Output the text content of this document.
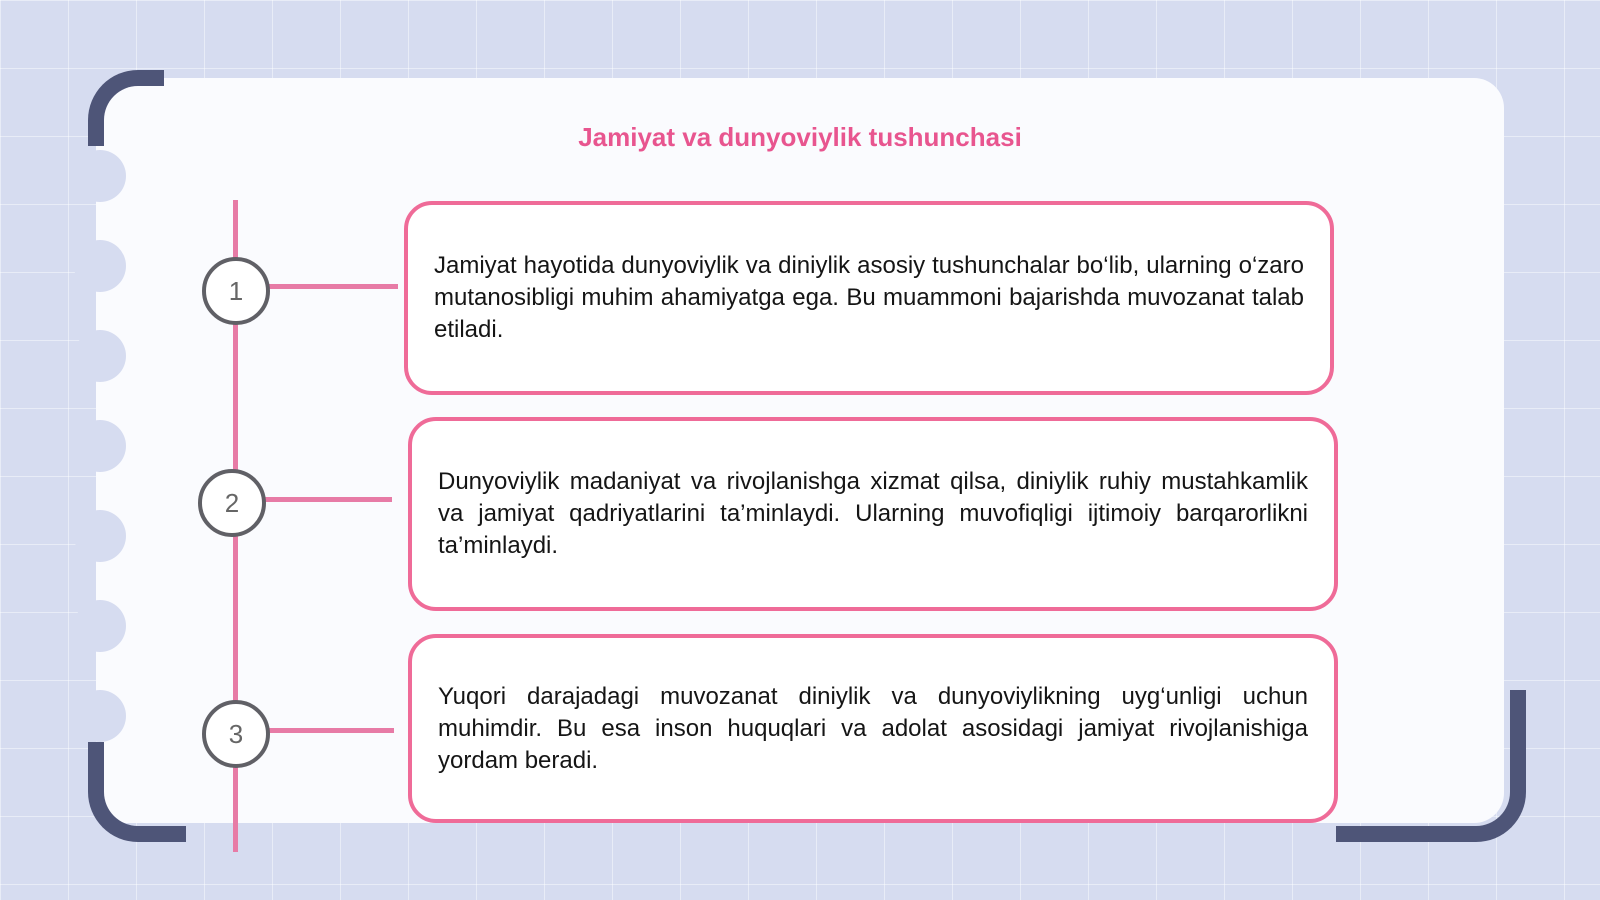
Jamiyat va dunyoviylik tushunchasi
1
2
3

Jamiyat hayotida dunyoviylik va diniylik asosiy tushunchalar bo‘lib, ularning o‘zaro mutanosibligi muhim ahamiyatga ega. Bu muammoni bajarishda muvozanat talab etiladi.

Dunyoviylik madaniyat va rivojlanishga xizmat qilsa, diniylik ruhiy mustahkamlik va jamiyat qadriyatlarini ta’minlaydi. Ularning muvofiqligi ijtimoiy barqarorlikni ta’minlaydi.

Yuqori darajadagi muvozanat diniylik va dunyoviylikning uyg‘unligi uchun muhimdir. Bu esa inson huquqlari va adolat asosidagi jamiyat rivojlanishiga yordam beradi.
